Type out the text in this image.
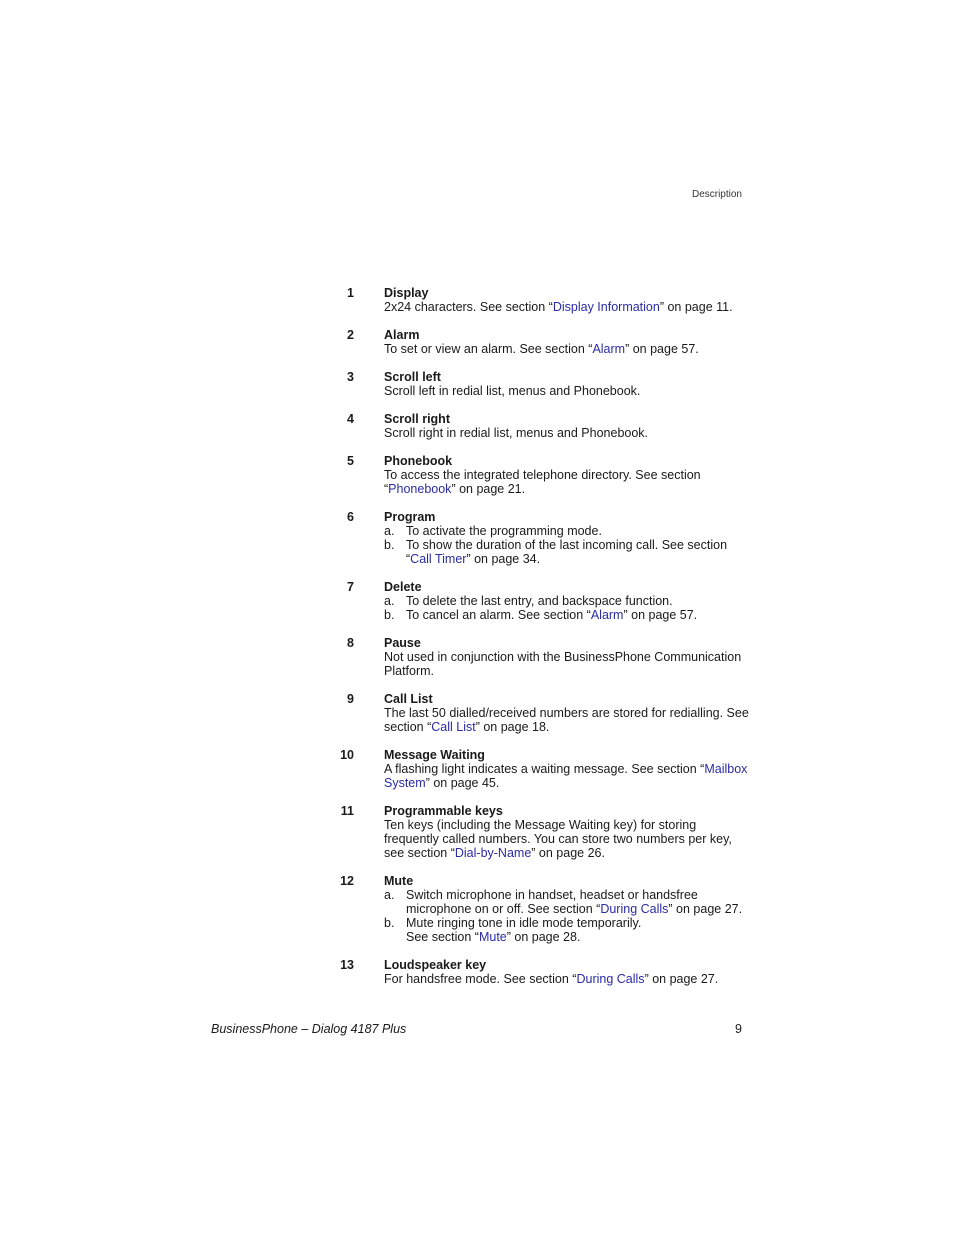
Description
1 Display
2x24 characters. See section “Display Information” on page 11.
2 Alarm
To set or view an alarm. See section “Alarm” on page 57.
3 Scroll left
Scroll left in redial list, menus and Phonebook.
4 Scroll right
Scroll right in redial list, menus and Phonebook.
5 Phonebook
To access the integrated telephone directory. See section “Phonebook” on page 21.
6 Program
a. To activate the programming mode.
b. To show the duration of the last incoming call. See section “Call Timer” on page 34.
7 Delete
a. To delete the last entry, and backspace function.
b. To cancel an alarm. See section “Alarm” on page 57.
8 Pause
Not used in conjunction with the BusinessPhone Communication Platform.
9 Call List
The last 50 dialled/received numbers are stored for redialling. See section “Call List” on page 18.
10 Message Waiting
A flashing light indicates a waiting message. See section “Mailbox System” on page 45.
11 Programmable keys
Ten keys (including the Message Waiting key) for storing frequently called numbers. You can store two numbers per key, see section “Dial-by-Name” on page 26.
12 Mute
a. Switch microphone in handset, headset or handsfree microphone on or off. See section “During Calls” on page 27.
b. Mute ringing tone in idle mode temporarily.
See section “Mute” on page 28.
13 Loudspeaker key
For handsfree mode. See section “During Calls” on page 27.
BusinessPhone – Dialog 4187 Plus	9
